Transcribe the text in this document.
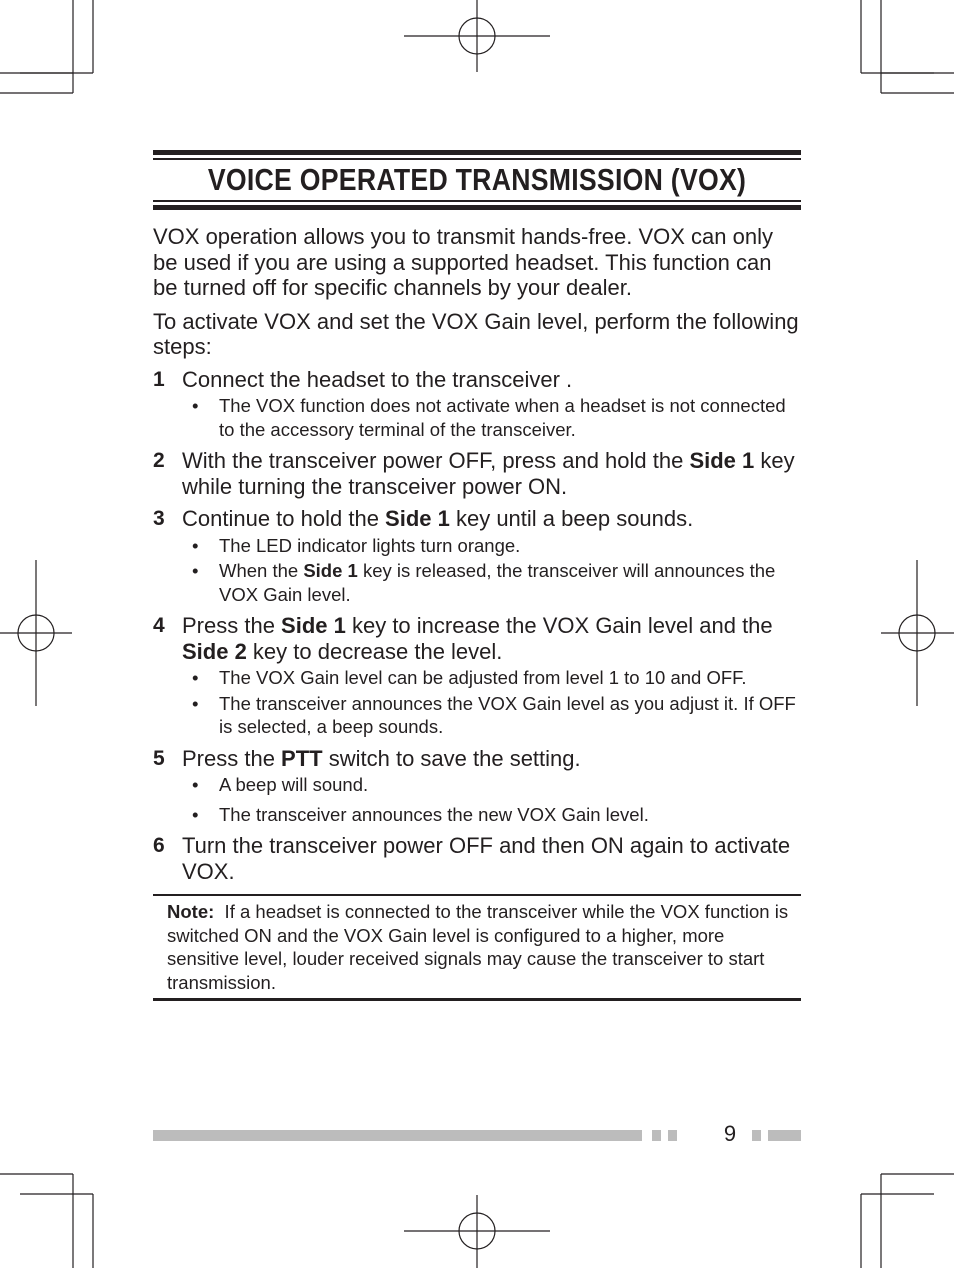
VOICE OPERATED TRANSMISSION (VOX)

VOX operation allows you to transmit hands-free. VOX can only be used if you are using a supported headset. This function can be turned off for specific channels by your dealer.

To activate VOX and set the VOX Gain level, perform the following steps:

1 Connect the headset to the transceiver .

• The VOX function does not activate when a headset is not connected to the accessory terminal of the transceiver.
2 With the transceiver power OFF, press and hold the Side 1 key while turning the transceiver power ON.

3 Continue to hold the Side 1 key until a beep sounds.

• The LED indicator lights turn orange.
• When the Side 1 key is released, the transceiver will announces the VOX Gain level.
4 Press the Side 1 key to increase the VOX Gain level and the Side 2 key to decrease the level.

• The VOX Gain level can be adjusted from level 1 to 10 and OFF.
• The transceiver announces the VOX Gain level as you adjust it. If OFF is selected, a beep sounds.
5 Press the PTT switch to save the setting.

• A beep will sound.
• The transceiver announces the new VOX Gain level.
6 Turn the transceiver power OFF and then ON again to activate VOX.

Note:  If a headset is connected to the transceiver while the VOX function is switched ON and the VOX Gain level is configured to a higher, more sensitive level, louder received signals may cause the transceiver to start transmission.
9
